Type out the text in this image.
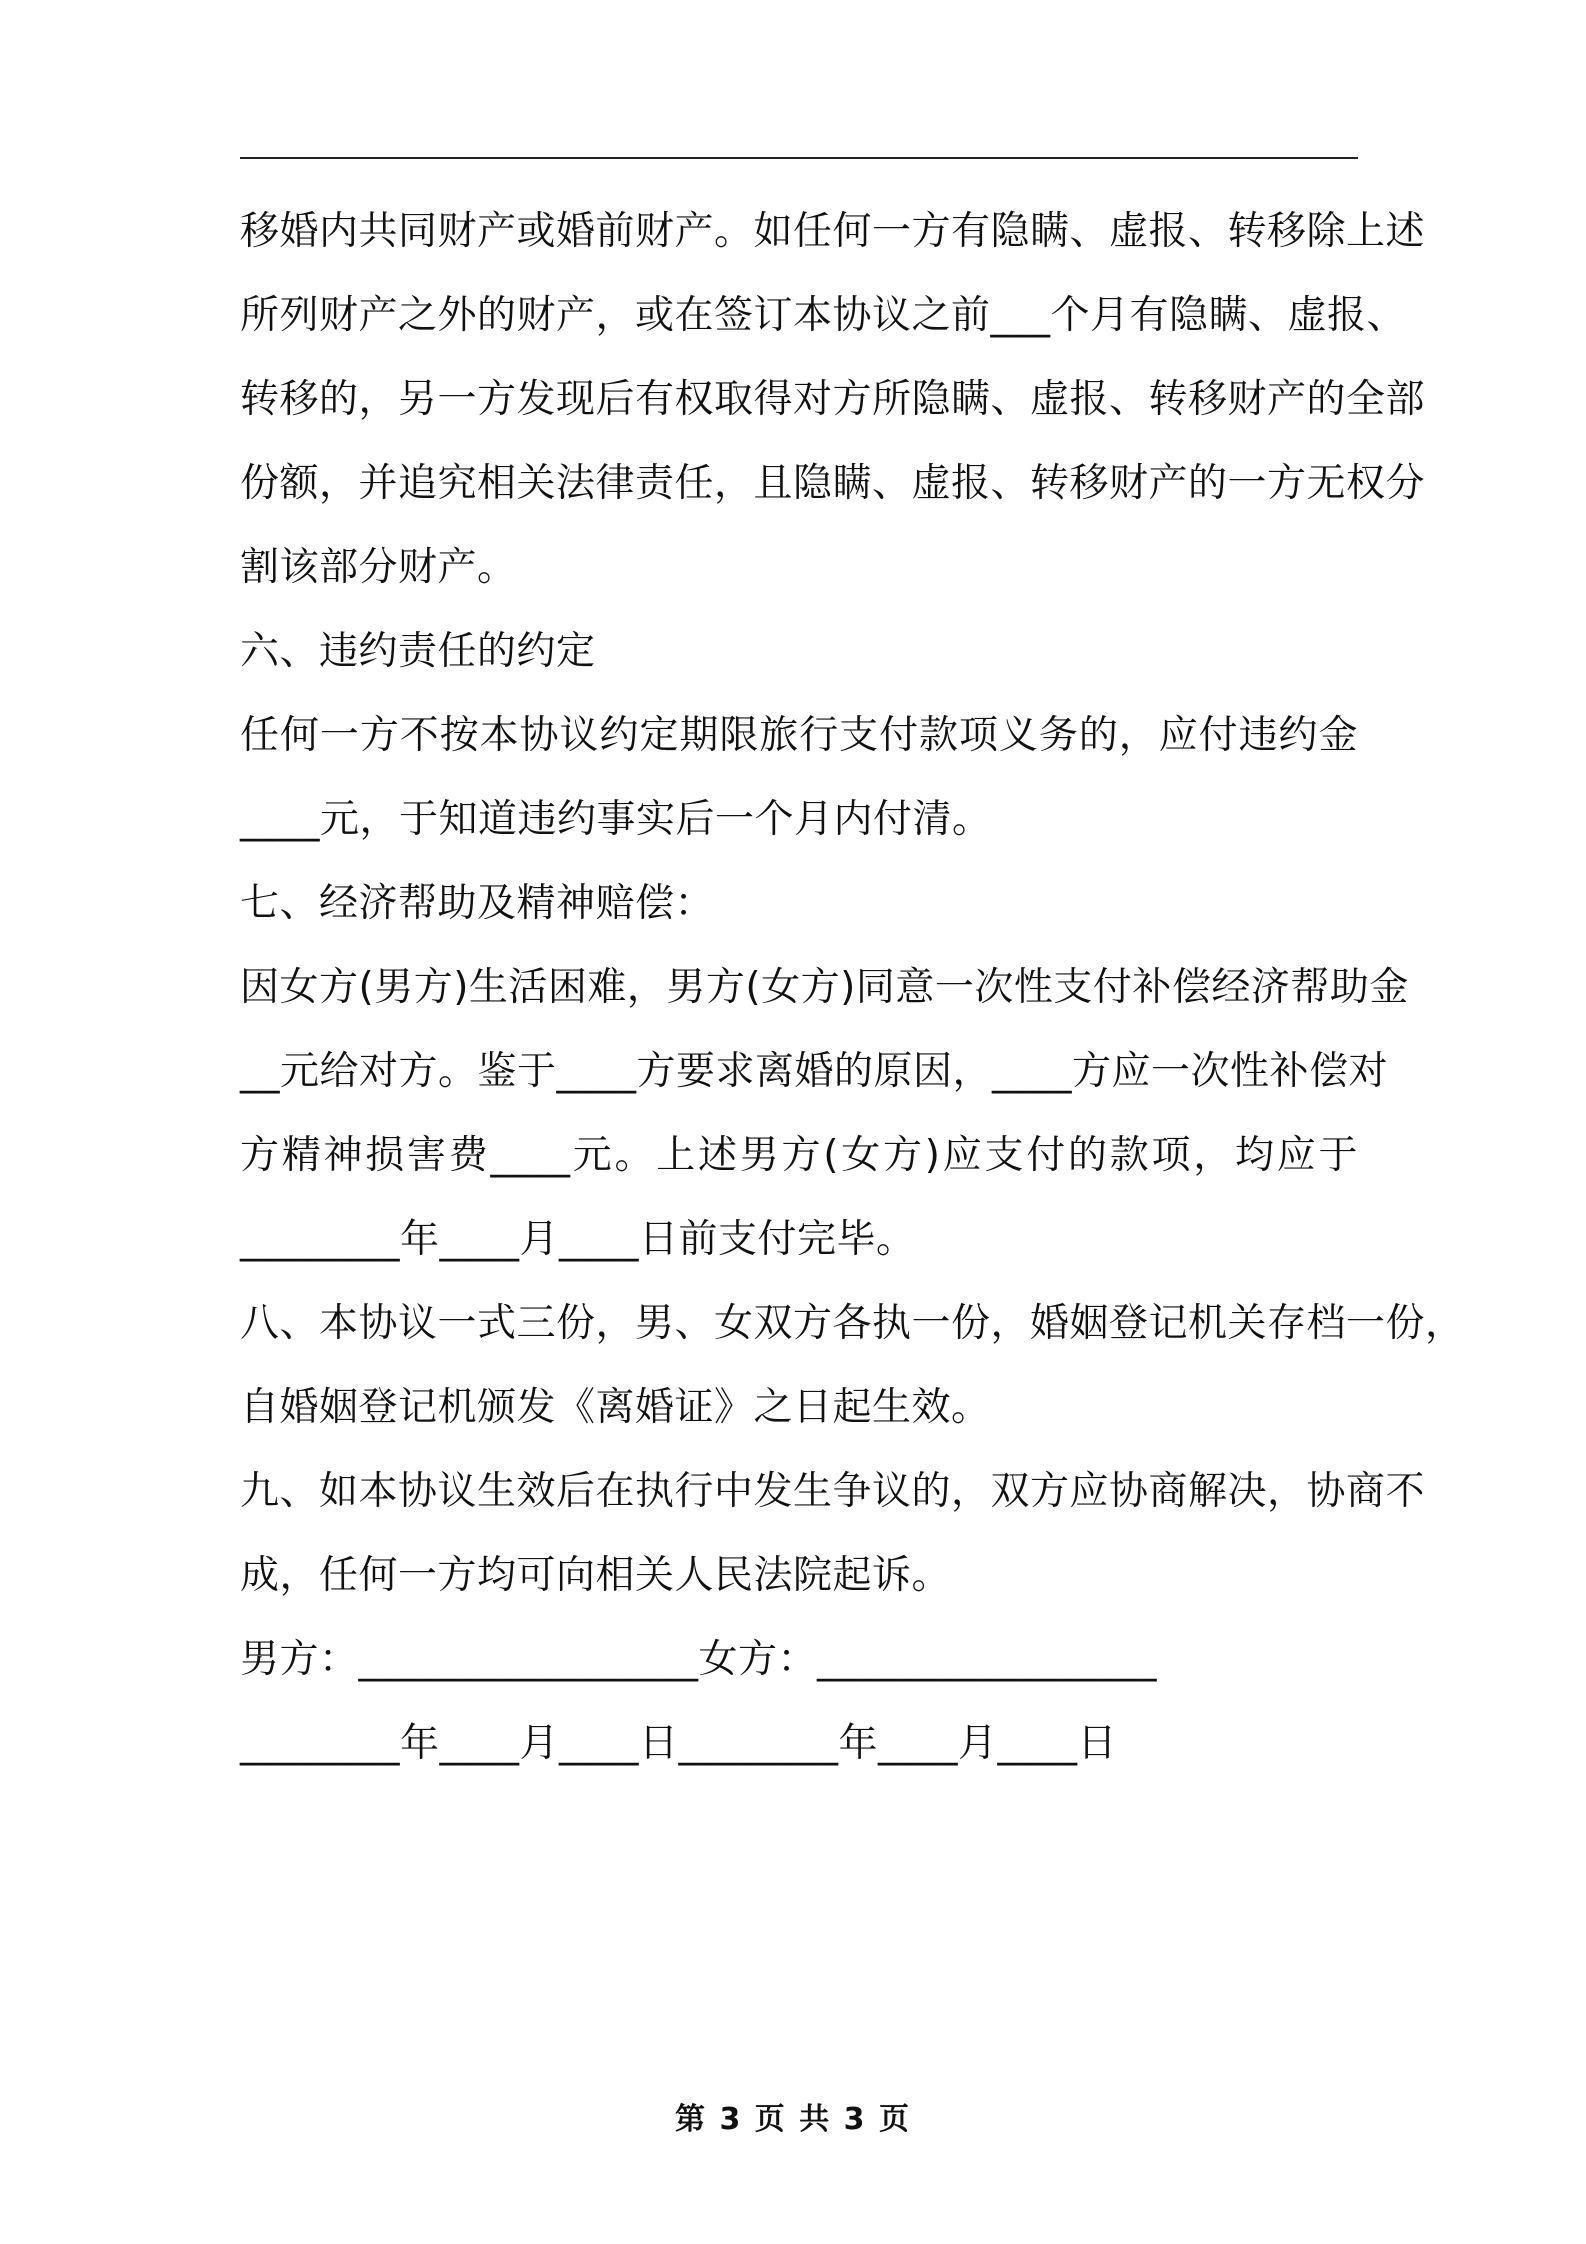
移婚内共同财产或婚前财产。如任何一方有隐瞒、虚报、转移除上述
所列财产之外的财产，或在签订本协议之前___个月有隐瞒、虚报、
转移的，另一方发现后有权取得对方所隐瞒、虚报、转移财产的全部
份额，并追究相关法律责任，且隐瞒、虚报、转移财产的一方无权分
割该部分财产。
六、违约责任的约定
任何一方不按本协议约定期限旅行支付款项义务的，应付违约金
____元，于知道违约事实后一个月内付清。
七、经济帮助及精神赔偿：
因女方(男方)生活困难，男方(女方)同意一次性支付补偿经济帮助金
__元给对方。鉴于____方要求离婚的原因，____方应一次性补偿对
方精神损害费____元。上述男方(女方)应支付的款项，均应于
________年____月____日前支付完毕。
八、本协议一式三份，男、女双方各执一份，婚姻登记机关存档一份，
自婚姻登记机颁发《离婚证》之日起生效。
九、如本协议生效后在执行中发生争议的，双方应协商解决，协商不
成，任何一方均可向相关人民法院起诉。
男方：_________________女方：_________________
________年____月____日________年____月____日
第 3 页 共 3 页
